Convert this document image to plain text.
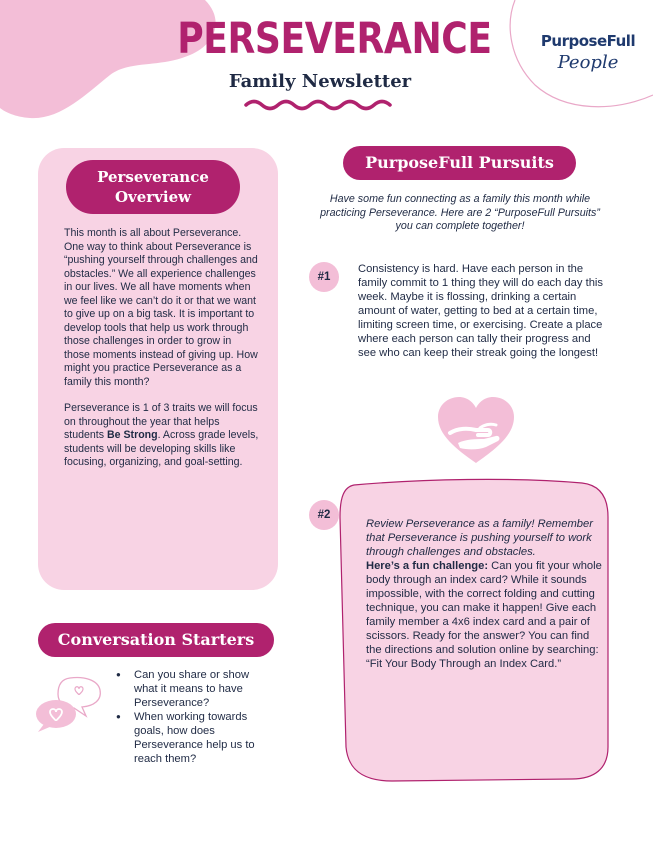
PERSEVERANCE
Family Newsletter
PurposeFull
People
Perseverance
Overview

This month is all about Perseverance. One way to think about Perseverance is “pushing yourself through challenges and obstacles.” We all experience challenges in our lives. We all have moments when we feel like we can’t do it or that we want to give up on a big task. It is important to develop tools that help us work through those challenges in order to grow in those moments instead of giving up. How might you practice Perseverance as a family this month?

Perseverance is 1 of 3 traits we will focus on throughout the year that helps students Be Strong. Across grade levels, students will be developing skills like focusing, organizing, and goal-setting.

PurposeFull Pursuits
Have some fun connecting as a family this month while practicing Perseverance. Here are 2 “PurposeFull Pursuits” you can complete together!
#1
Consistency is hard. Have each person in the family commit to 1 thing they will do each day this week. Maybe it is flossing, drinking a certain amount of water, getting to bed at a certain time, limiting screen time, or exercising. Create a place where each person can tally their progress and see who can keep their streak going the longest!
#2
Review Perseverance as a family! Remember that Perseverance is pushing yourself to work through challenges and obstacles.
Here’s a fun challenge: Can you fit your whole body through an index card? While it sounds impossible, with the correct folding and cutting technique, you can make it happen! Give each family member a 4x6 index card and a pair of scissors. Ready for the answer? You can find the directions and solution online by searching: “Fit Your Body Through an Index Card.”
Conversation Starters
● Can you share or show what it means to have Perseverance?
● When working towards goals, how does Perseverance help us to reach them?
